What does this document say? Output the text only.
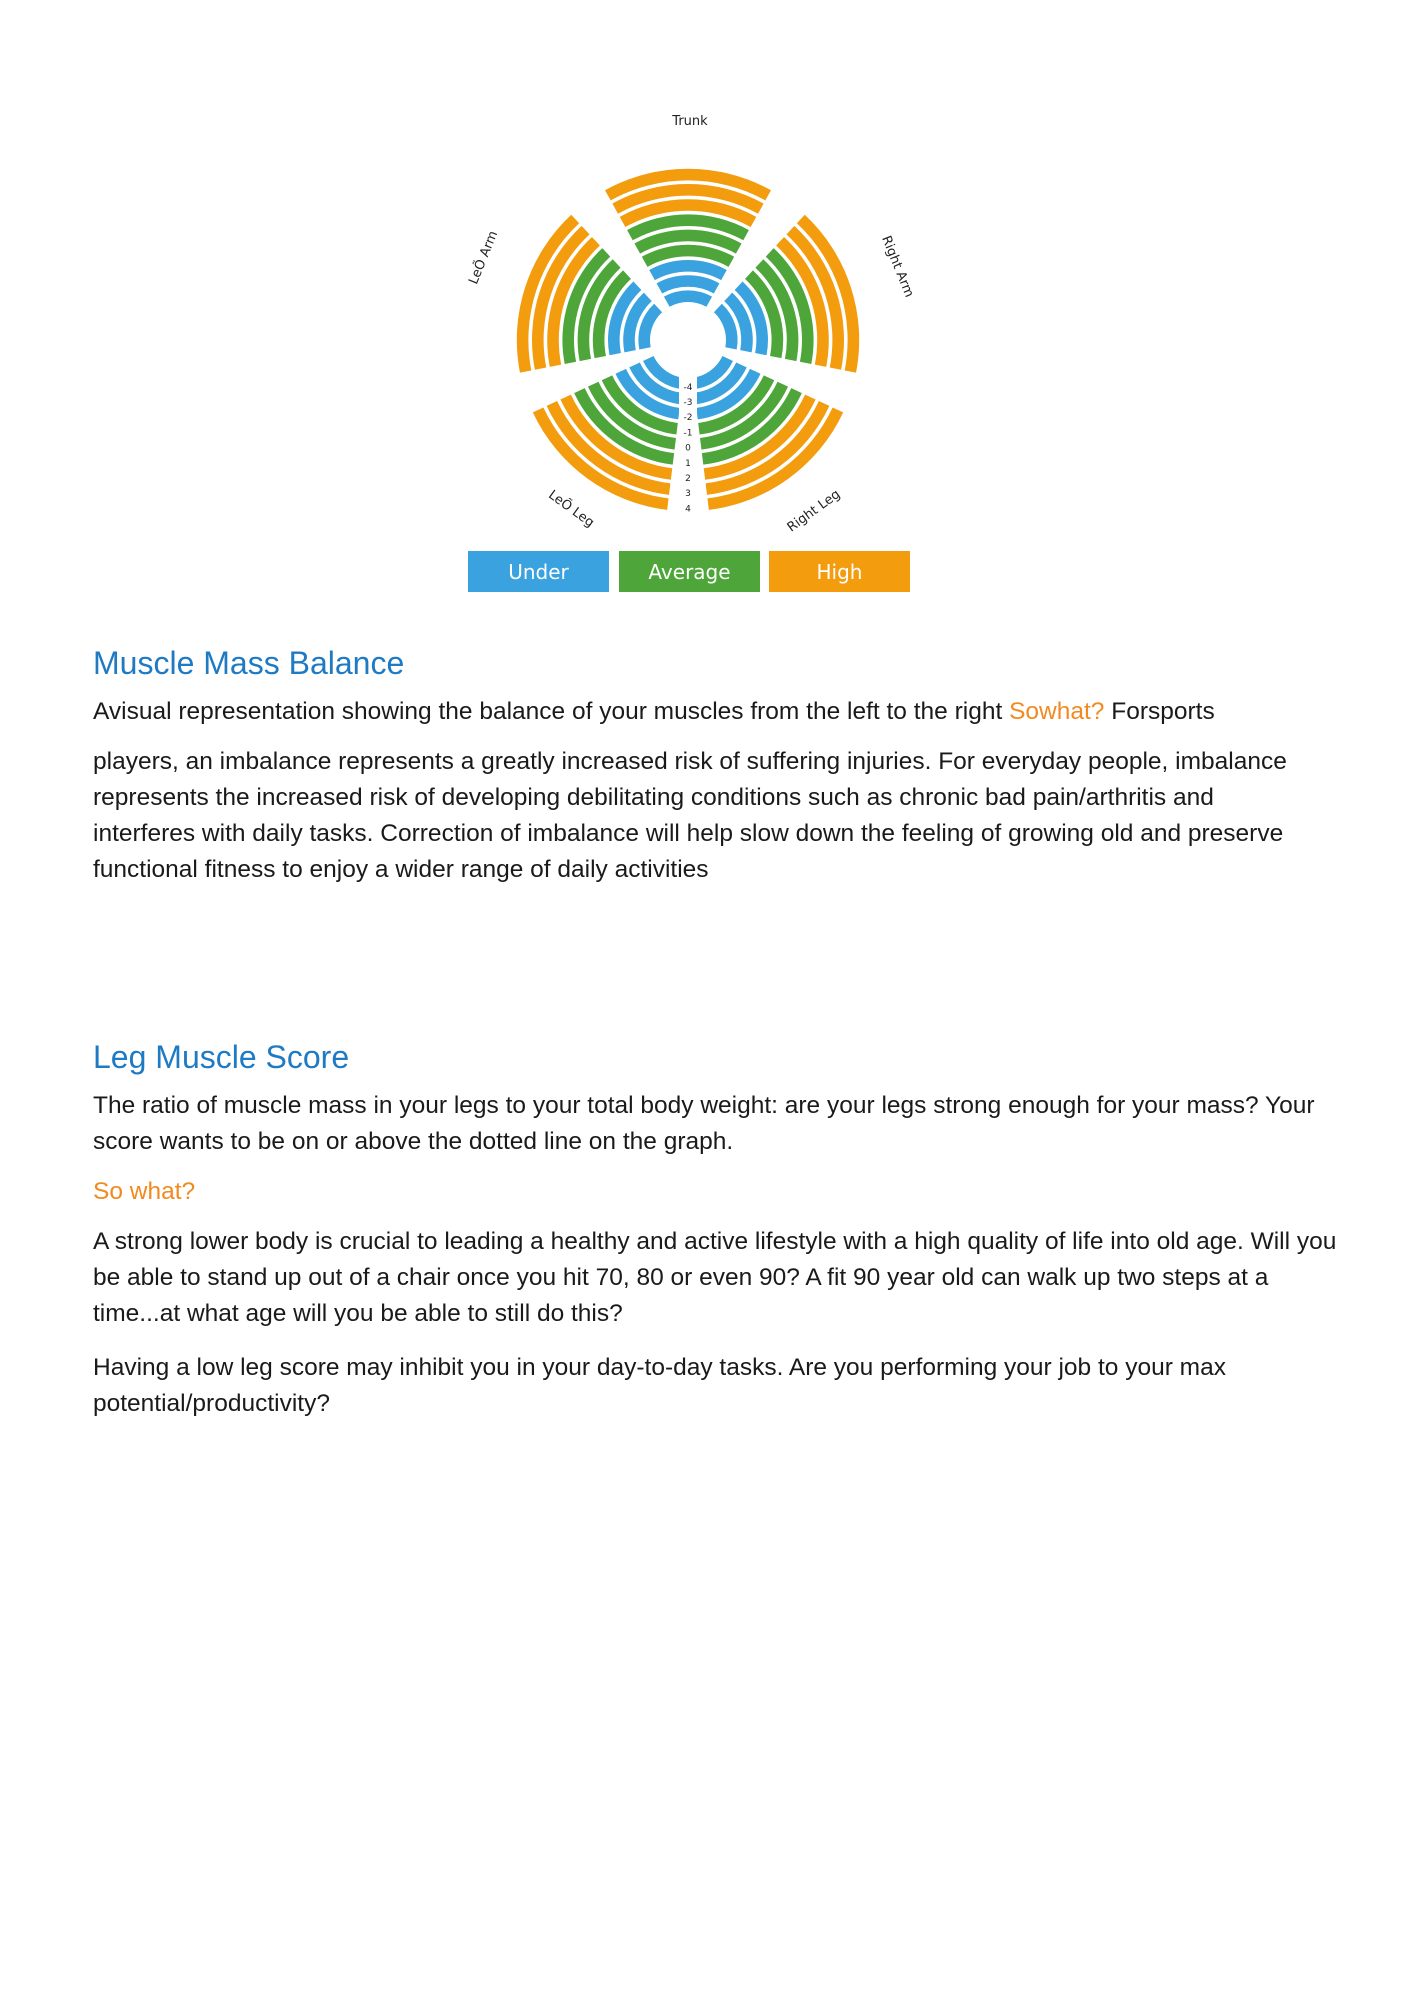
-4
-3
-2
-1
0
1
2
3
4
Trunk
Right Arm
LeÕ Arm
LeÕ Leg	Right Leg
Under	Average	High
Muscle Mass Balance

Avisual representation showing the balance of your muscles from the left to the right Sowhat? Forsports

players, an imbalance represents a greatly increased risk of suffering injuries. For everyday people, imbalance represents the increased risk of developing debilitating conditions such as chronic bad pain/arthritis and interferes with daily tasks. Correction of imbalance will help slow down the feeling of growing old and preserve functional fitness to enjoy a wider range of daily activities

Leg Muscle Score

The ratio of muscle mass in your legs to your total body weight: are your legs strong enough for your mass? Your score wants to be on or above the dotted line on the graph.

So what?

A strong lower body is crucial to leading a healthy and active lifestyle with a high quality of life into old age. Will you be able to stand up out of a chair once you hit 70, 80 or even 90? A fit 90 year old can walk up two steps at a time...at what age will you be able to still do this?

Having a low leg score may inhibit you in your day-to-day tasks. Are you performing your job to your max potential/productivity?
